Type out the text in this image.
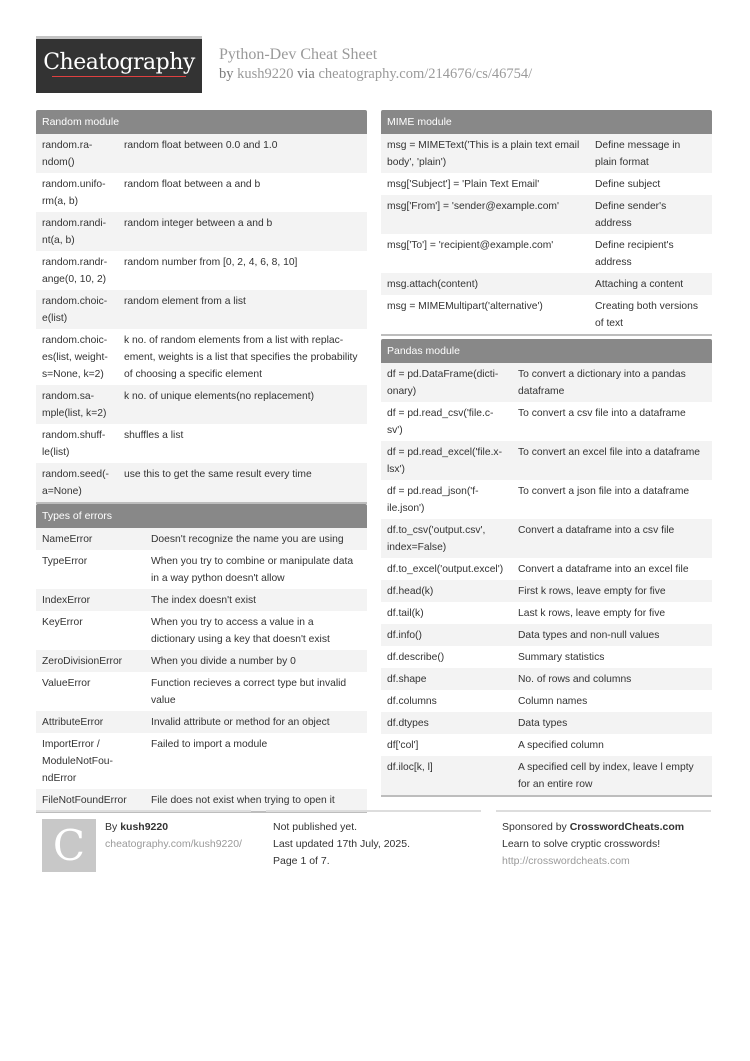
Cheatography	Python-Dev Cheat Sheet
by kush9220 via cheatography.com/214676/cs/46754/
Random module
random.ra-
ndom()	random float between 0.0 and 1.0
random.unifo-
rm(a, b)	random float between a and b
random.randi-
nt(a, b)	random integer between a and b
random.randr-
ange(0, 10, 2)	random number from [0, 2, 4, 6, 8, 10]
random.choic-
e(list)	random element from a list
random.choic-
es(list, weight-
s=None, k=2)	k no. of random elements from a list with replac-
ement, weights is a list that specifies the probability
of choosing a specific element
random.sa-
mple(list, k=2)	k no. of unique elements(no replacement)
random.shuff-
le(list)	shuffles a list
random.seed(-
a=None)	use this to get the same result every time
Types of errors
NameError	Doesn't recognize the name you are using
TypeError	When you try to combine or manipulate data
in a way python doesn't allow
IndexError	The index doesn't exist
KeyError	When you try to access a value in a
dictionary using a key that doesn't exist
ZeroDivisionError	When you divide a number by 0
ValueError	Function recieves a correct type but invalid
value
AttributeError	Invalid attribute or method for an object
ImportError /
ModuleNotFou-
ndError	Failed to import a module
FileNotFoundError	File does not exist when trying to open it
MIME module
msg = MIMEText('This is a plain text email
body', 'plain')	Define message in
plain format
msg['Subject'] = 'Plain Text Email'	Define subject
msg['From'] = 'sender@example.com'	Define sender's
address
msg['To'] = 'recipient@example.com'	Define recipient's
address
msg.attach(content)	Attaching a content
msg = MIMEMultipart('alternative')	Creating both versions
of text
Pandas module
df = pd.DataFrame(dicti-
onary)	To convert a dictionary into a pandas
dataframe
df = pd.read_csv('file.c-
sv')	To convert a csv file into a dataframe
df = pd.read_excel('file.x-
lsx')	To convert an excel file into a dataframe
df = pd.read_json('f-
ile.json')	To convert a json file into a dataframe
df.to_csv('output.csv',
index=False)	Convert a dataframe into a csv file
df.to_excel('output.excel')	Convert a dataframe into an excel file
df.head(k)	First k rows, leave empty for five
df.tail(k)	Last k rows, leave empty for five
df.info()	Data types and non-null values
df.describe()	Summary statistics
df.shape	No. of rows and columns
df.columns	Column names
df.dtypes	Data types
df['col']	A specified column
df.iloc[k, l]	A specified cell by index, leave l empty
for an entire row
C	By kush9220
cheatography.com/kush9220/
Not published yet.
Last updated 17th July, 2025.
Page 1 of 7.
Sponsored by CrosswordCheats.com
Learn to solve cryptic crosswords!
http://crosswordcheats.com
